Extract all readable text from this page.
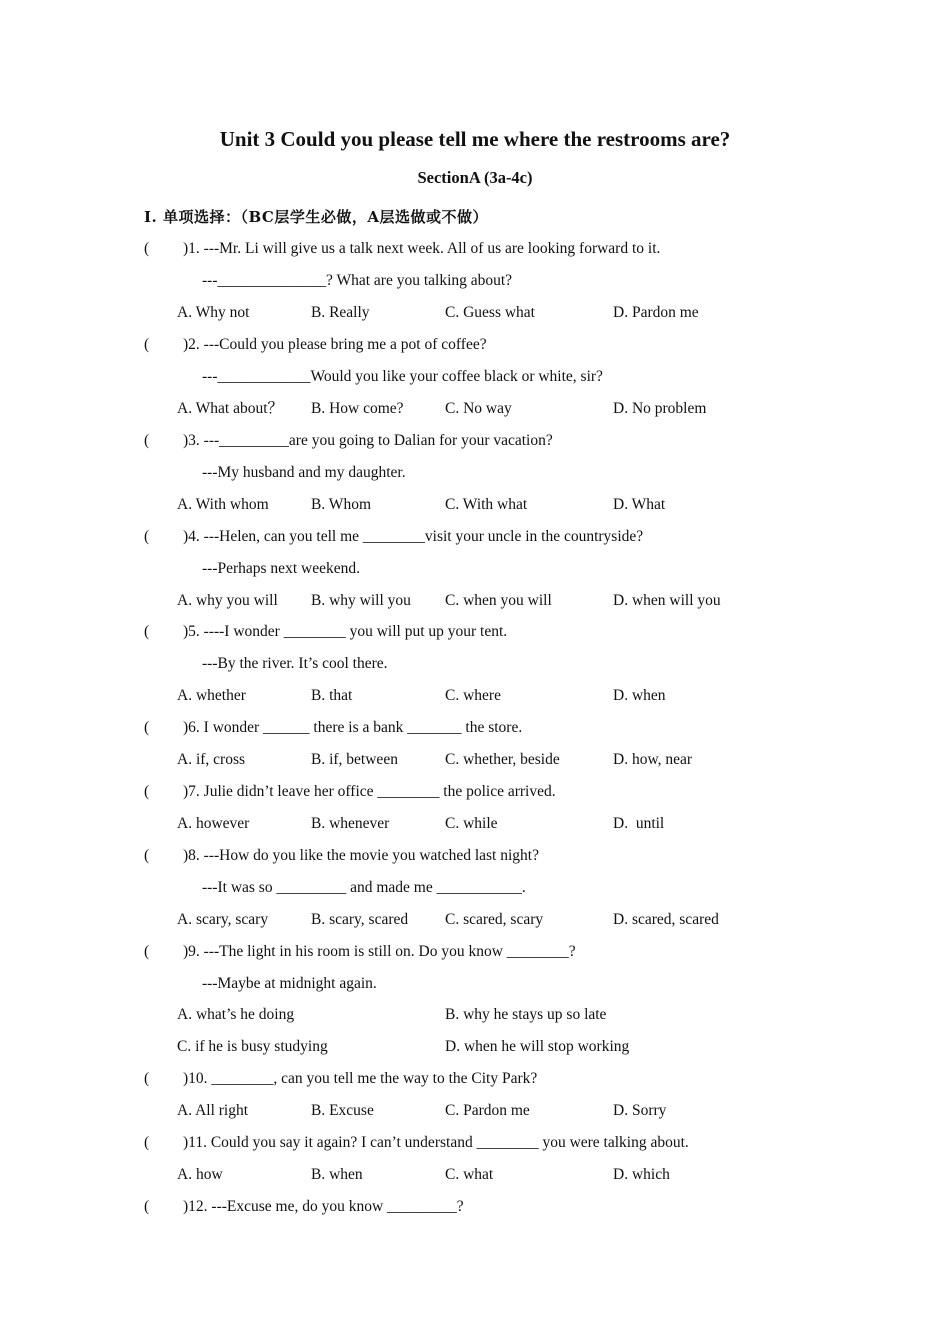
Unit 3 Could you please tell me where the restrooms are?
SectionA (3a-4c)
I. 单项选择：（BC层学生必做，A层选做或不做）
( )1. ---Mr. Li will give us a talk next week. All of us are looking forward to it.
---______________? What are you talking about?
A. Why not	B. Really	C. Guess what	D. Pardon me
( )2. ---Could you please bring me a pot of coffee?
---____________Would you like your coffee black or white, sir?
A. What about？ B. How come?	C. No way	D. No problem
( )3. ---_________are you going to Dalian for your vacation?
---My husband and my daughter.
A. With whom	B. Whom	C. With what	D. What
( )4. ---Helen, can you tell me ________visit your uncle in the countryside?
---Perhaps next weekend.
A. why you will B. why will you C. when you will	D. when will you
( )5. ----I wonder ________ you will put up your tent.
---By the river. It’s cool there.
A. whether	B. that	C. where	D. when
( )6. I wonder ______ there is a bank _______ the store.
A. if, cross	B. if, between	C. whether, beside	D. how, near
( )7. Julie didn’t leave her office ________ the police arrived.
A. however	B. whenever	C. while	D.  until
( )8. ---How do you like the movie you watched last night?
---It was so _________ and made me ___________.
A. scary, scary	B. scary, scared C. scared, scary	D. scared, scared
( )9. ---The light in his room is still on. Do you know ________?
---Maybe at midnight again.
A. what’s he doing	B. why he stays up so late
C. if he is busy studying	D. when he will stop working
( )10. ________, can you tell me the way to the City Park?
A. All right	B. Excuse	C. Pardon me	D. Sorry
( )11. Could you say it again? I can’t understand ________ you were talking about.
A. how	B. when	C. what	D. which
( )12. ---Excuse me, do you know _________?
